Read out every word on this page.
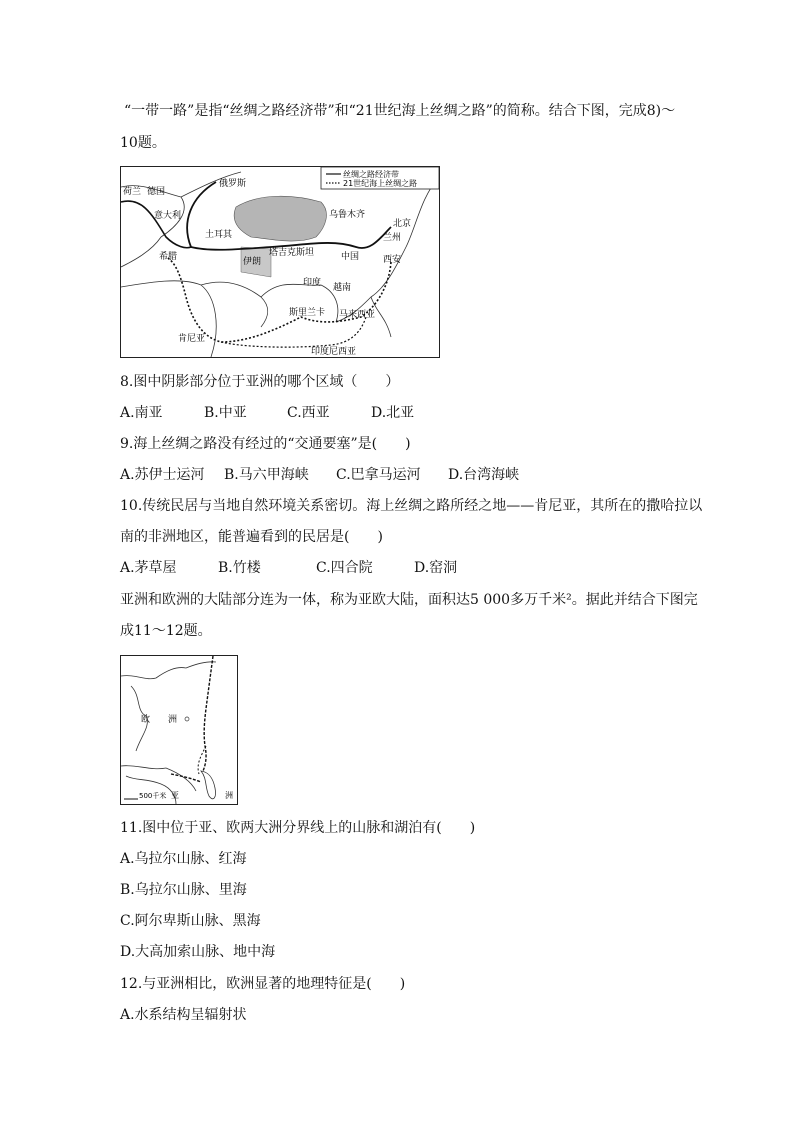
“一带一路”是指“丝绸之路经济带”和“21世纪海上丝绸之路”的简称。结合下图，完成8)～
10题。
丝绸之路经济带
21世纪海上丝绸之路
荷兰 德国
俄罗斯
意大利
土耳其
希腊	伊朗
塔吉克斯坦
乌鲁木齐
兰州
北京
中国	西安
印度 越南
斯里兰卡 马来西亚
肯尼亚
印度尼西亚
8.图中阴影部分位于亚洲的哪个区域（　　）
A.南亚	B.中亚	C.西亚	D.北亚
9.海上丝绸之路没有经过的“交通要塞”是(　　)
A.苏伊士运河 B.马六甲海峡 C.巴拿马运河 D.台湾海峡
10.传统民居与当地自然环境关系密切。海上丝绸之路所经之地——肯尼亚，其所在的撒哈拉以
南的非洲地区，能普遍看到的民居是(　　)
A.茅草屋	B.竹楼	C.四合院	D.窑洞
亚洲和欧洲的大陆部分连为一体，称为亚欧大陆，面积达5 000多万千米²。据此并结合下图完
成11～12题。
欧　　洲
亚	洲
500千米
11.图中位于亚、欧两大洲分界线上的山脉和湖泊有(　　)
A.乌拉尔山脉、红海
B.乌拉尔山脉、里海
C.阿尔卑斯山脉、黑海
D.大高加索山脉、地中海
12.与亚洲相比，欧洲显著的地理特征是(　　)
A.水系结构呈辐射状
